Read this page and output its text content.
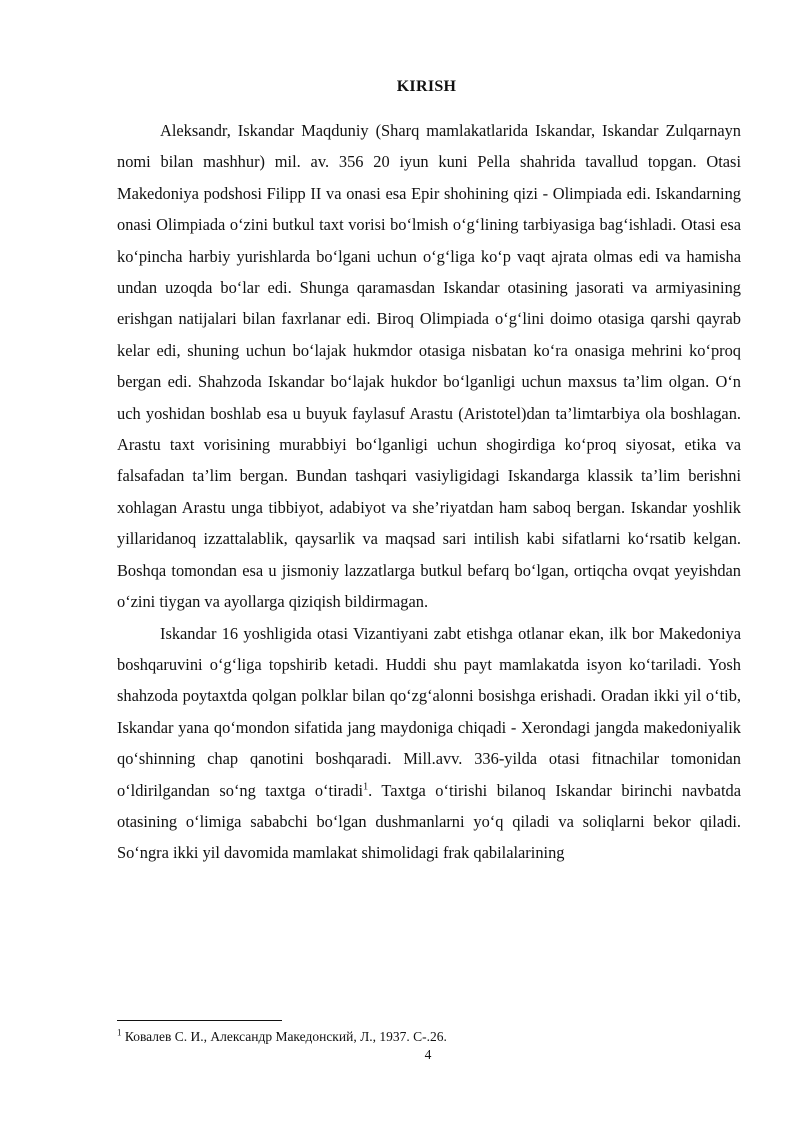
KIRISH

Aleksandr, Iskandar Maqduniy (Sharq mamlakatlarida Iskandar, Iskandar Zulqarnayn nomi bilan mashhur) mil. av. 356 20 iyun kuni Pella shahrida tavallud topgan. Otasi Makedoniya podshosi Filipp II va onasi esa Epir shohining qizi - Olimpiada edi. Iskandarning onasi Olimpiada o‘zini butkul taxt vorisi bo‘lmish o‘g‘lining tarbiyasiga bag‘ishladi. Otasi esa ko‘pincha harbiy yurishlarda bo‘lgani uchun o‘g‘liga ko‘p vaqt ajrata olmas edi va hamisha undan uzoqda bo‘lar edi. Shunga qaramasdan Iskandar otasining jasorati va armiyasining erishgan natijalari bilan faxrlanar edi. Biroq Olimpiada o‘g‘lini doimo otasiga qarshi qayrab kelar edi, shuning uchun bo‘lajak hukmdor otasiga nisbatan ko‘ra onasiga mehrini ko‘proq bergan edi. Shahzoda Iskandar bo‘lajak hukdor bo‘lganligi uchun maxsus ta’lim olgan. O‘n uch yoshidan boshlab esa u buyuk faylasuf Arastu (Aristotel)dan ta’limtarbiya ola boshlagan. Arastu taxt vorisining murabbiyi bo‘lganligi uchun shogirdiga ko‘proq siyosat, etika va falsafadan ta’lim bergan. Bundan tashqari vasiyligidagi Iskandarga klassik ta’lim berishni xohlagan Arastu unga tibbiyot, adabiyot va she’riyatdan ham saboq bergan. Iskandar yoshlik yillaridanoq izzattalablik, qaysarlik va maqsad sari intilish kabi sifatlarni ko‘rsatib kelgan. Boshqa tomondan esa u jismoniy lazzatlarga butkul befarq bo‘lgan, ortiqcha ovqat yeyishdan o‘zini tiygan va ayollarga qiziqish bildirmagan.

Iskandar 16 yoshligida otasi Vizantiyani zabt etishga otlanar ekan, ilk bor Makedoniya boshqaruvini o‘g‘liga topshirib ketadi. Huddi shu payt mamlakatda isyon ko‘tariladi. Yosh shahzoda poytaxtda qolgan polklar bilan qo‘zg‘alonni bosishga erishadi. Oradan ikki yil o‘tib, Iskandar yana qo‘mondon sifatida jang maydoniga chiqadi - Xerondagi jangda makedoniyalik qo‘shinning chap qanotini boshqaradi. Mill.avv. 336-yilda otasi fitnachilar tomonidan o‘ldirilgandan so‘ng taxtga o‘tiradi$^1$. Taxtga o‘tirishi bilanoq Iskandar birinchi navbatda otasining o‘limiga sababchi bo‘lgan dushmanlarni yo‘q qiladi va soliqlarni bekor qiladi. So‘ngra ikki yil davomida mamlakat shimolidagi frak qabilalarining

$^1$ Ковалев С. И., Александр Македонский, Л., 1937. С-.26.
4
